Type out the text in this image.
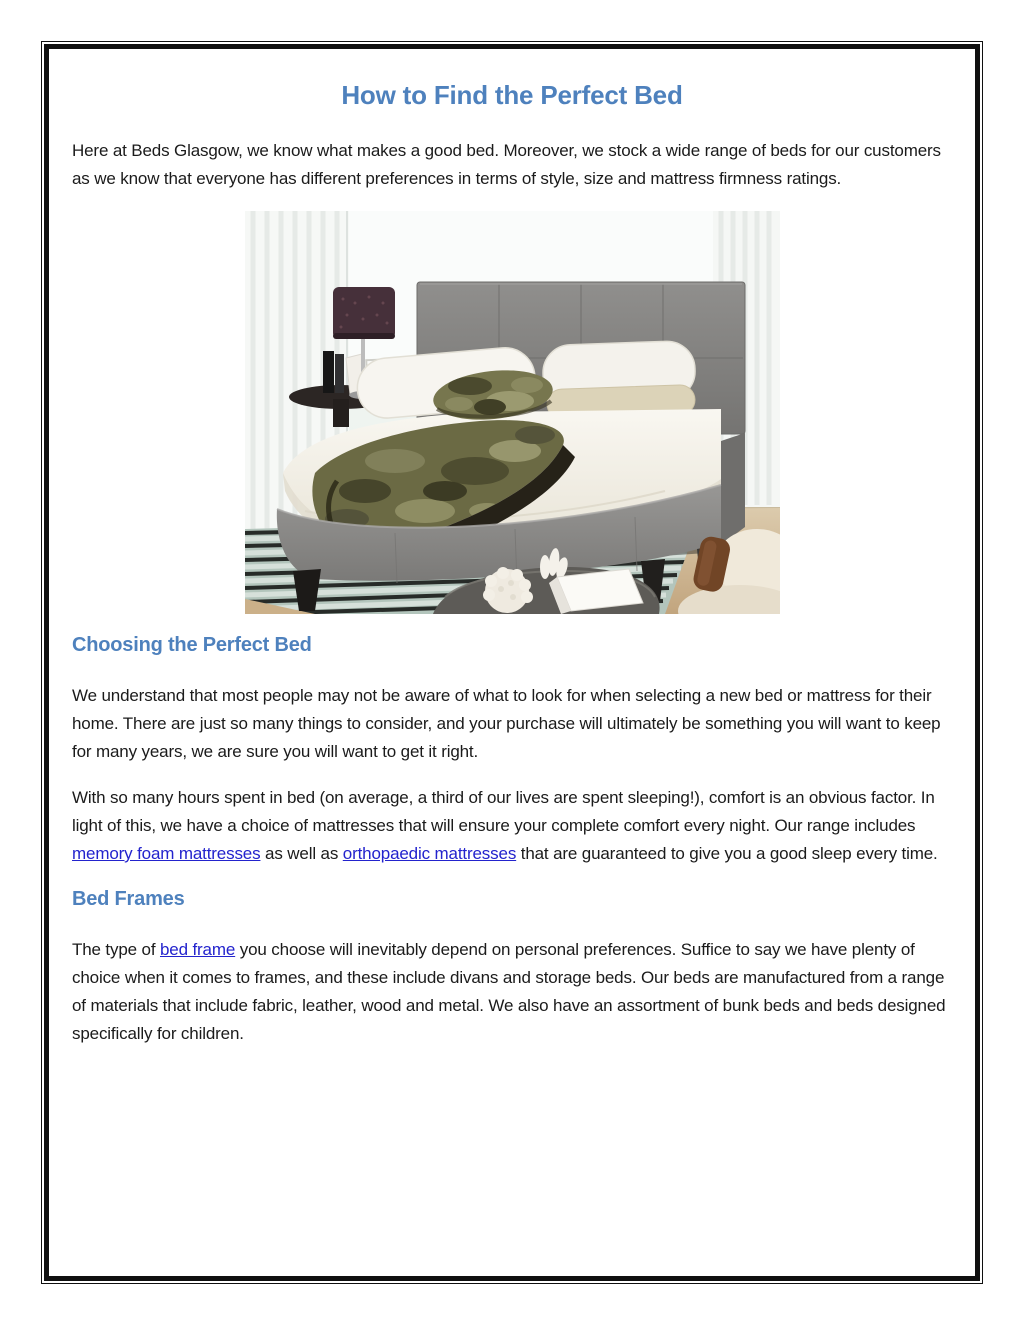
How to Find the Perfect Bed

Here at Beds Glasgow, we know what makes a good bed. Moreover, we stock a wide range of beds for our customers as we know that everyone has different preferences in terms of style, size and mattress firmness ratings.

Choosing the Perfect Bed

We understand that most people may not be aware of what to look for when selecting a new bed or mattress for their home. There are just so many things to consider, and your purchase will ultimately be something you will want to keep for many years, we are sure you will want to get it right.

With so many hours spent in bed (on average, a third of our lives are spent sleeping!), comfort is an obvious factor. In light of this, we have a choice of mattresses that will ensure your complete comfort every night. Our range includes memory foam mattresses as well as orthopaedic mattresses that are guaranteed to give you a good sleep every time.

Bed Frames

The type of bed frame you choose will inevitably depend on personal preferences. Suffice to say we have plenty of choice when it comes to frames, and these include divans and storage beds. Our beds are manufactured from a range of materials that include fabric, leather, wood and metal. We also have an assortment of bunk beds and beds designed specifically for children.
